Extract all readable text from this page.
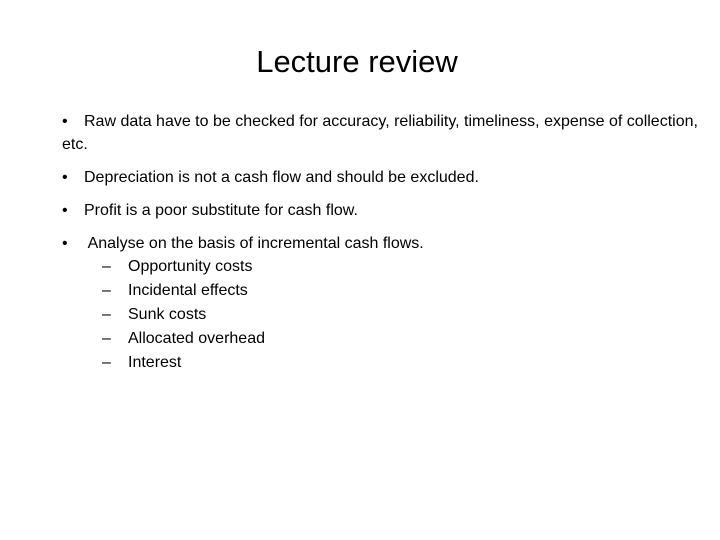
Lecture review
• Raw data have to be checked for accuracy, reliability, timeliness, expense of collection, etc.
• Depreciation is not a cash flow and should be excluded.
• Profit is a poor substitute for cash flow.
• Analyse on the basis of incremental cash flows.
– Opportunity costs
– Incidental effects
– Sunk costs
– Allocated overhead
– Interest
